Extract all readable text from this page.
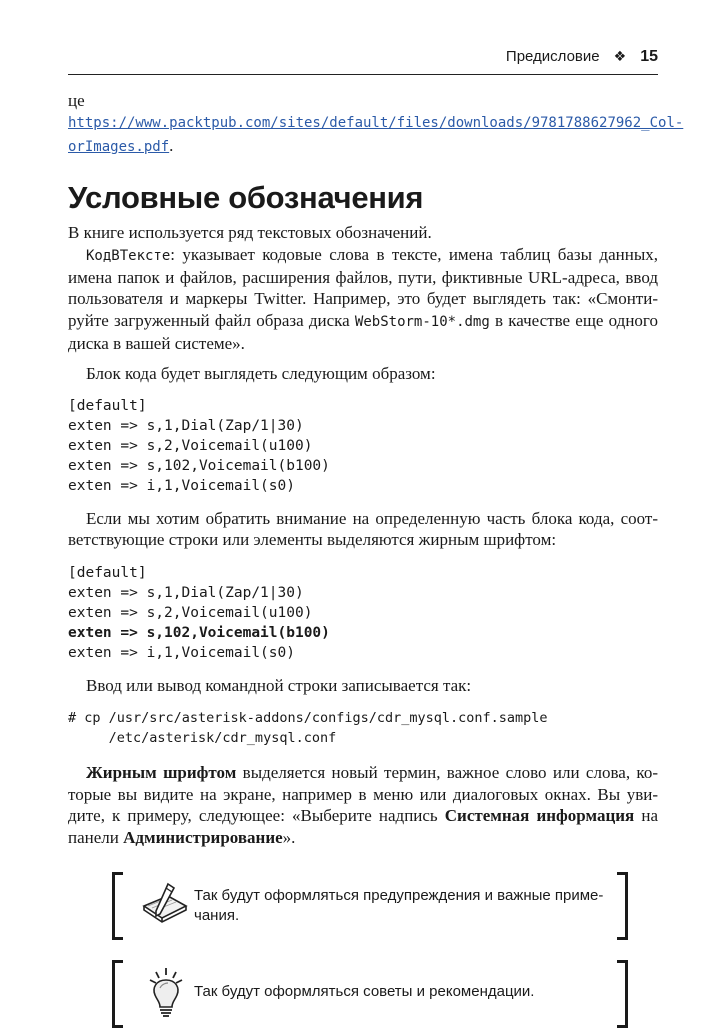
Предисловие ❖ 15

це   https://www.packtpub.com/sites/default/files/downloads/9781788627962_Col-
orImages.pdf.

Условные обозначения

В книге используется ряд текстовых обозначений.

КодВТексте: указывает кодовые слова в тексте, имена таблиц базы данных, имена папок и файлов, расширения файлов, пути, фиктивные URL-адреса, ввод пользователя и маркеры Twitter. Например, это будет выглядеть так: «Смонтируйте загруженный файл образа диска WebStorm-10*.dmg в качестве еще одного диска в вашей системе».

Блок кода будет выглядеть следующим образом:

[default]
exten => s,1,Dial(Zap/1|30)
exten => s,2,Voicemail(u100)
exten => s,102,Voicemail(b100)
exten => i,1,Voicemail(s0)

Если мы хотим обратить внимание на определенную часть блока кода, соответствующие строки или элементы выделяются жирным шрифтом:

[default]
exten => s,1,Dial(Zap/1|30)
exten => s,2,Voicemail(u100)
exten => s,102,Voicemail(b100)
exten => i,1,Voicemail(s0)

Ввод или вывод командной строки записывается так:

# cp /usr/src/asterisk-addons/configs/cdr_mysql.conf.sample
/etc/asterisk/cdr_mysql.conf

Жирным шрифтом выделяется новый термин, важное слово или слова, которые вы видите на экране, например в меню или диалоговых окнах. Вы увидите, к примеру, следующее: «Выберите надпись Системная информация на панели Администрирование».

Так будут оформляться предупреждения и важные примечания.
Так будут оформляться советы и рекомендации.
